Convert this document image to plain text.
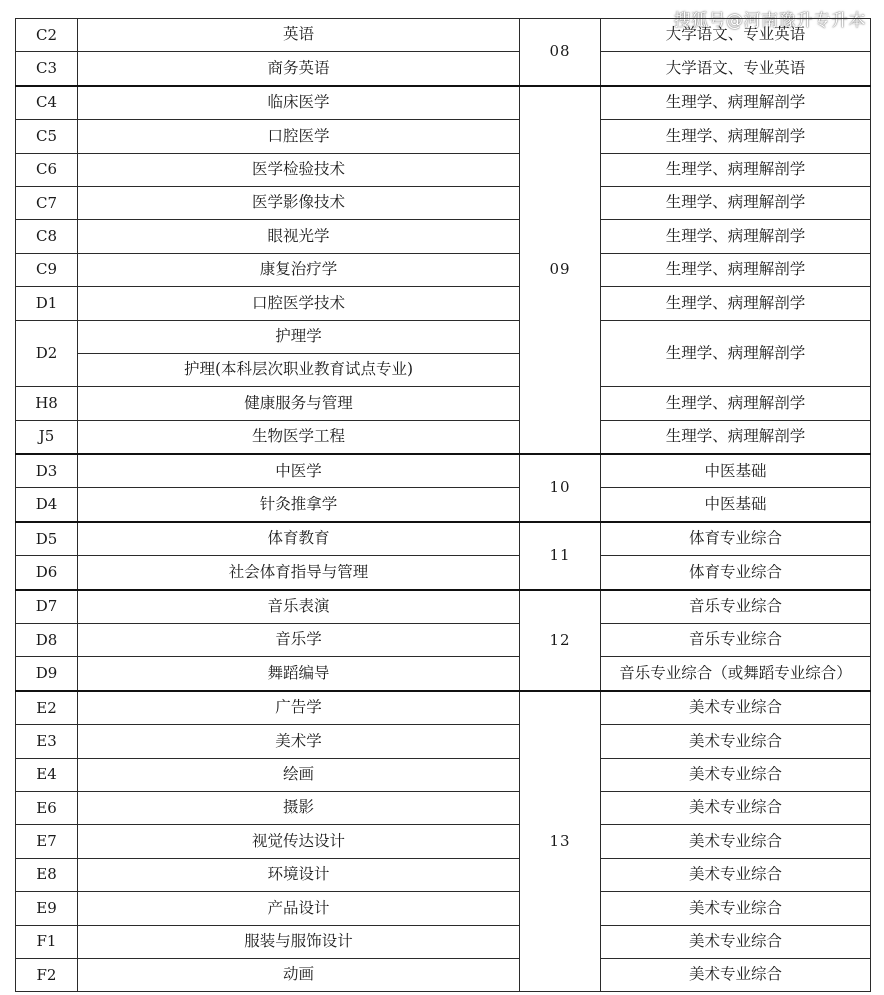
搜狐号@河南豫升专升本
C2	英语	08	大学语文、专业英语
C3	商务英语		大学语文、专业英语
C4	临床医学	09	生理学、病理解剖学
C5	口腔医学		生理学、病理解剖学
C6	医学检验技术		生理学、病理解剖学
C7	医学影像技术		生理学、病理解剖学
C8	眼视光学		生理学、病理解剖学
C9	康复治疗学		生理学、病理解剖学
D1	口腔医学技术		生理学、病理解剖学
D2	护理学		生理学、病理解剖学
	护理(本科层次职业教育试点专业)		
H8	健康服务与管理		生理学、病理解剖学
J5	生物医学工程		生理学、病理解剖学
D3	中医学	10	中医基础
D4	针灸推拿学		中医基础
D5	体育教育	11	体育专业综合
D6	社会体育指导与管理		体育专业综合
D7	音乐表演	12	音乐专业综合
D8	音乐学		音乐专业综合
D9	舞蹈编导		音乐专业综合（或舞蹈专业综合）
E2	广告学	13	美术专业综合
E3	美术学		美术专业综合
E4	绘画		美术专业综合
E6	摄影		美术专业综合
E7	视觉传达设计		美术专业综合
E8	环境设计		美术专业综合
E9	产品设计		美术专业综合
F1	服装与服饰设计		美术专业综合
F2	动画		美术专业综合
